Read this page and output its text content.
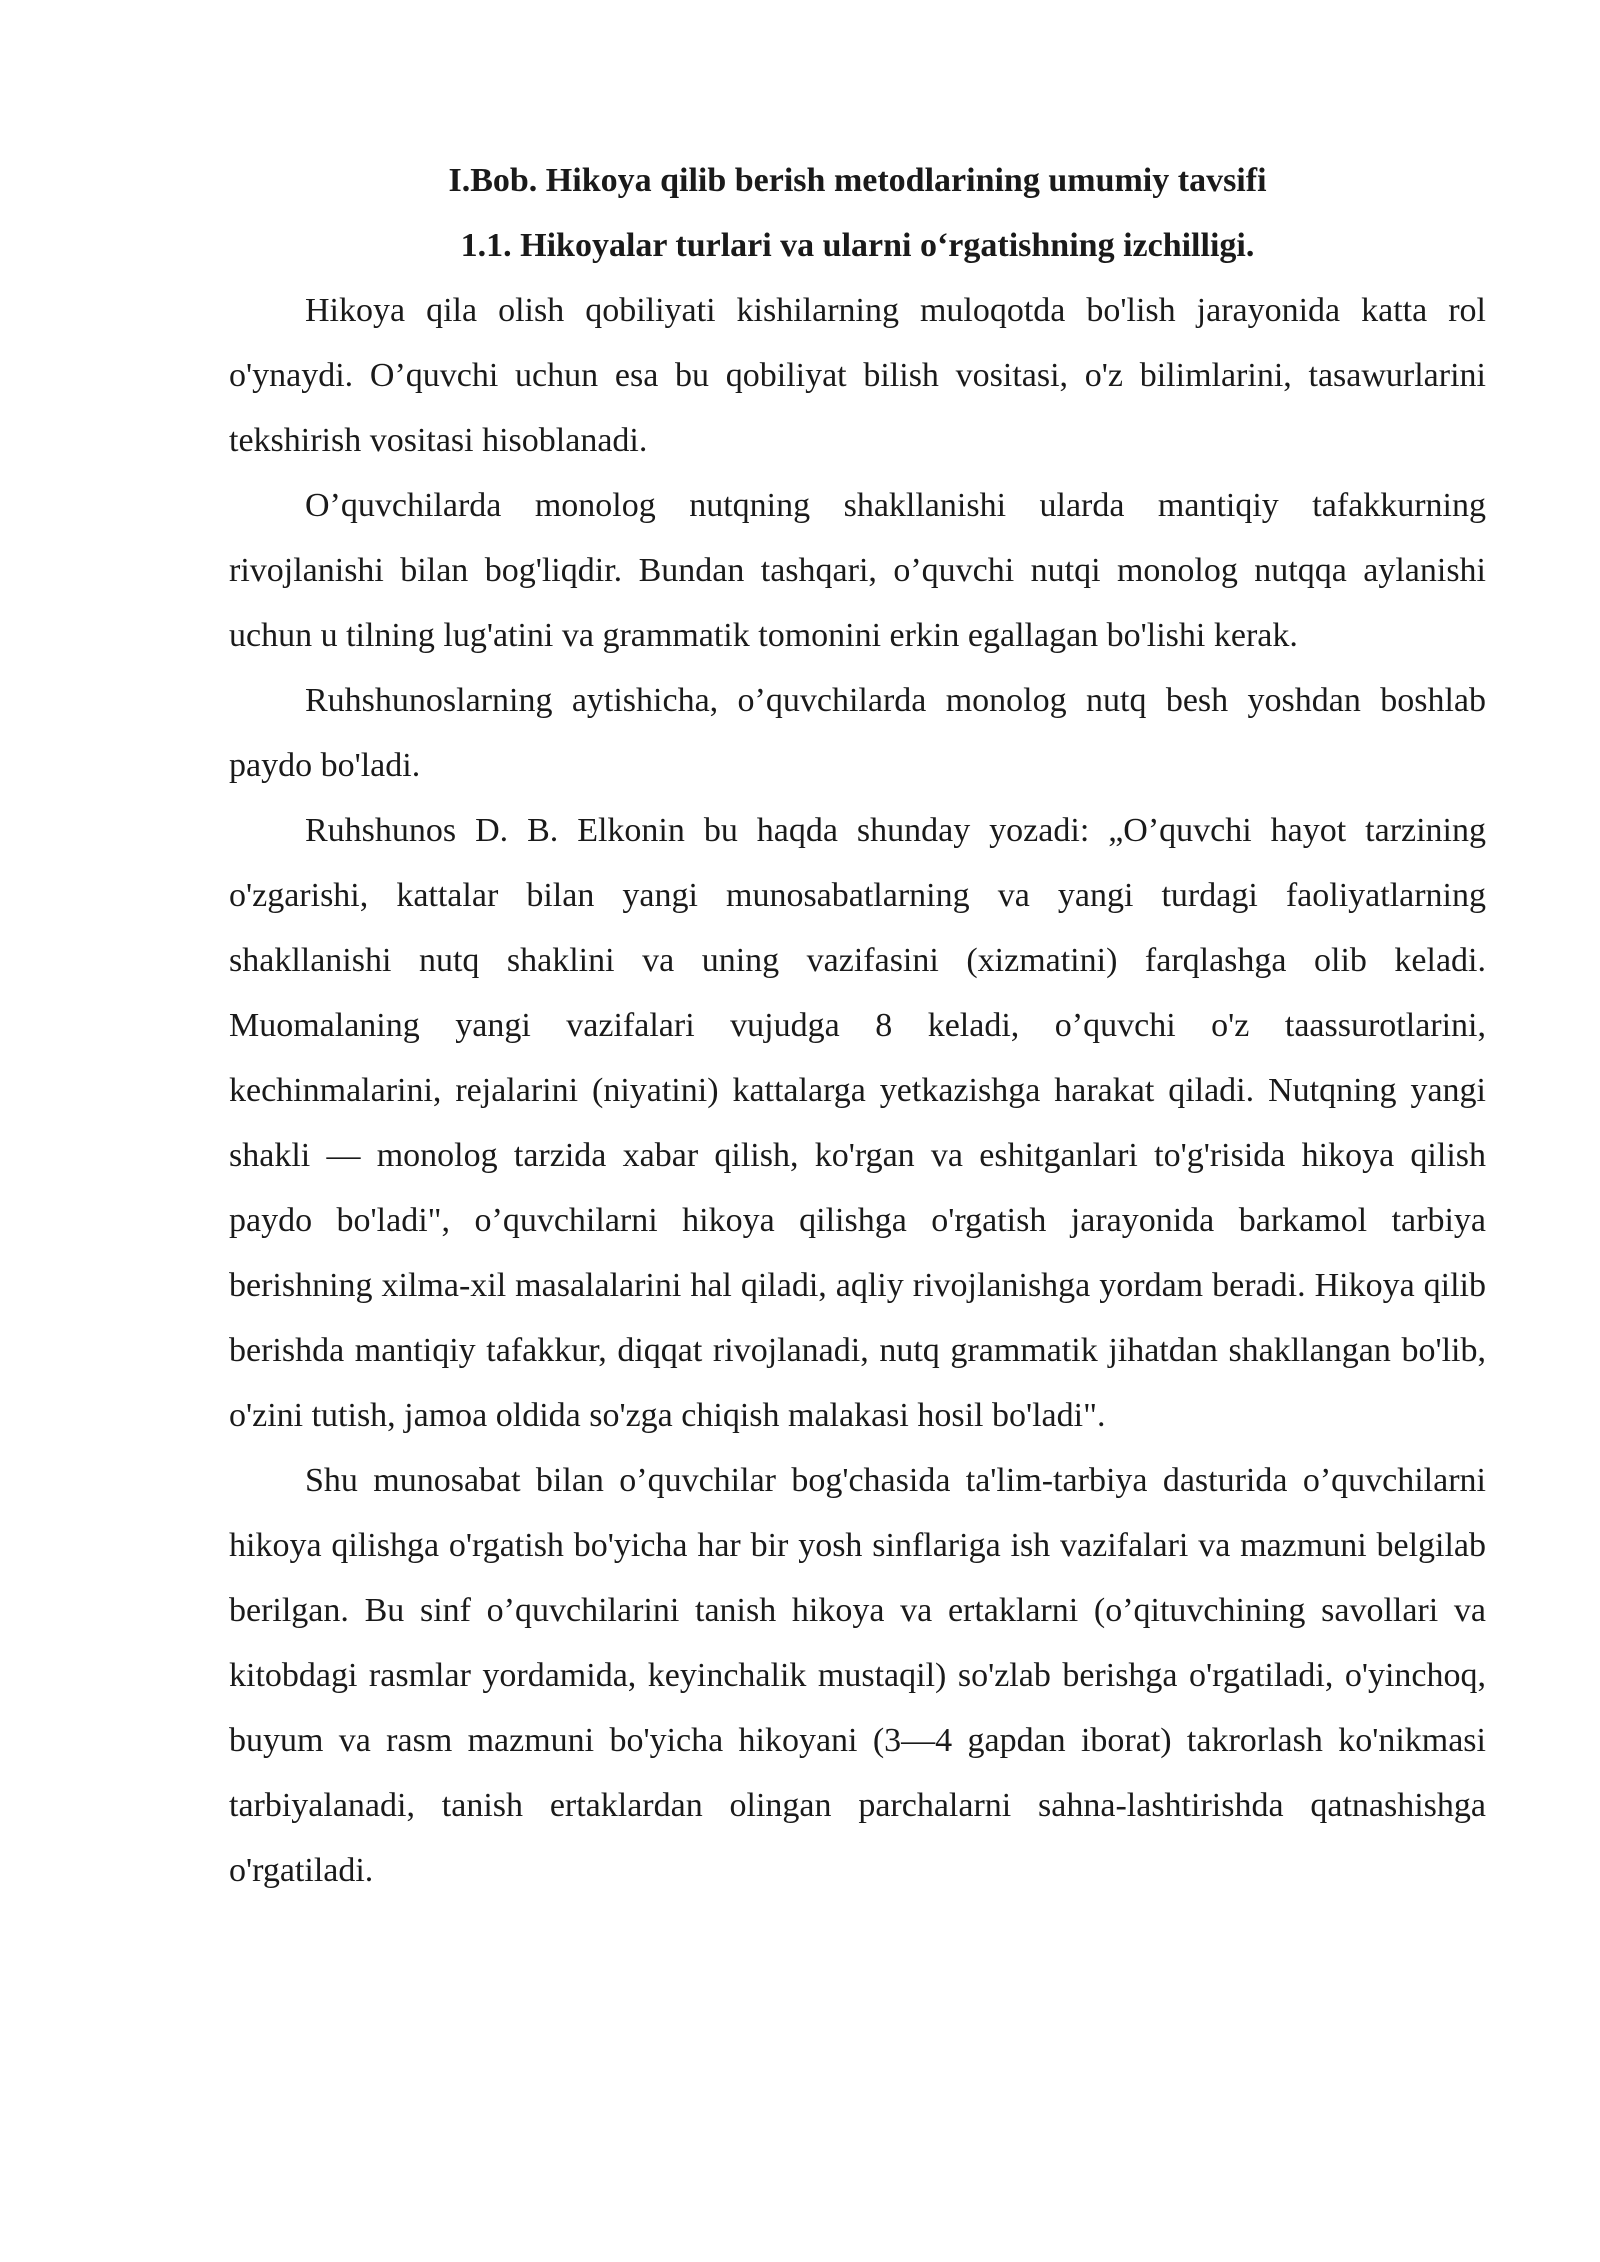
I.Bob. Hikoya qilib berish metodlarining umumiy tavsifi
1.1. Hikoyalar turlari va ularni o‘rgatishning izchilligi.

Hikoya qila olish qobiliyati kishilarning muloqotda bo'lish jarayonida katta rol o'ynaydi. O’quvchi uchun esa bu qobiliyat bilish vositasi, o'z bilimlarini, tasawurlarini tekshirish vositasi hisoblanadi.

O’quvchilarda monolog nutqning shakllanishi ularda mantiqiy tafakkurning rivojlanishi bilan bog'liqdir. Bundan tashqari, o’quvchi nutqi monolog nutqqa aylanishi uchun u tilning lug'atini va grammatik tomonini erkin egallagan bo'lishi kerak.

Ruhshunoslarning aytishicha, o’quvchilarda monolog nutq besh yoshdan boshlab paydo bo'ladi.

Ruhshunos D. B. Elkonin bu haqda shunday yozadi: „O’quvchi hayot tarzining o'zgarishi, kattalar bilan yangi munosabatlarning va yangi turdagi faoliyatlarning shakllanishi nutq shaklini va uning vazifasini (xizmatini) farqlashga olib keladi. Muomalaning yangi vazifalari vujudga 8 keladi, o’quvchi o'z taassurotlarini, kechinmalarini, rejalarini (niyatini) kattalarga yetkazishga harakat qiladi. Nutqning yangi shakli — monolog tarzida xabar qilish, ko'rgan va eshitganlari to'g'risida hikoya qilish paydo bo'ladi", o’quvchilarni hikoya qilishga o'rgatish jarayonida barkamol tarbiya berishning xilma-xil masalalarini hal qiladi, aqliy rivojlanishga yordam beradi. Hikoya qilib berishda mantiqiy tafakkur, diqqat rivojlanadi, nutq grammatik jihatdan shakllangan bo'lib, o'zini tutish, jamoa oldida so'zga chiqish malakasi hosil bo'ladi".

Shu munosabat bilan o’quvchilar bog'chasida ta'lim-tarbiya dasturida o’quvchilarni hikoya qilishga o'rgatish bo'yicha har bir yosh sinflariga ish vazifalari va mazmuni belgilab berilgan. Bu sinf o’quvchilarini tanish hikoya va ertaklarni (o’qituvchining savollari va kitobdagi rasmlar yordamida, keyinchalik mustaqil) so'zlab berishga o'rgatiladi, o'yinchoq, buyum va rasm mazmuni bo'yicha hikoyani (3—4 gapdan iborat) takrorlash ko'nikmasi tarbiyalanadi, tanish ertaklardan olingan parchalarni sahna-lashtirishda qatnashishga o'rgatiladi.
